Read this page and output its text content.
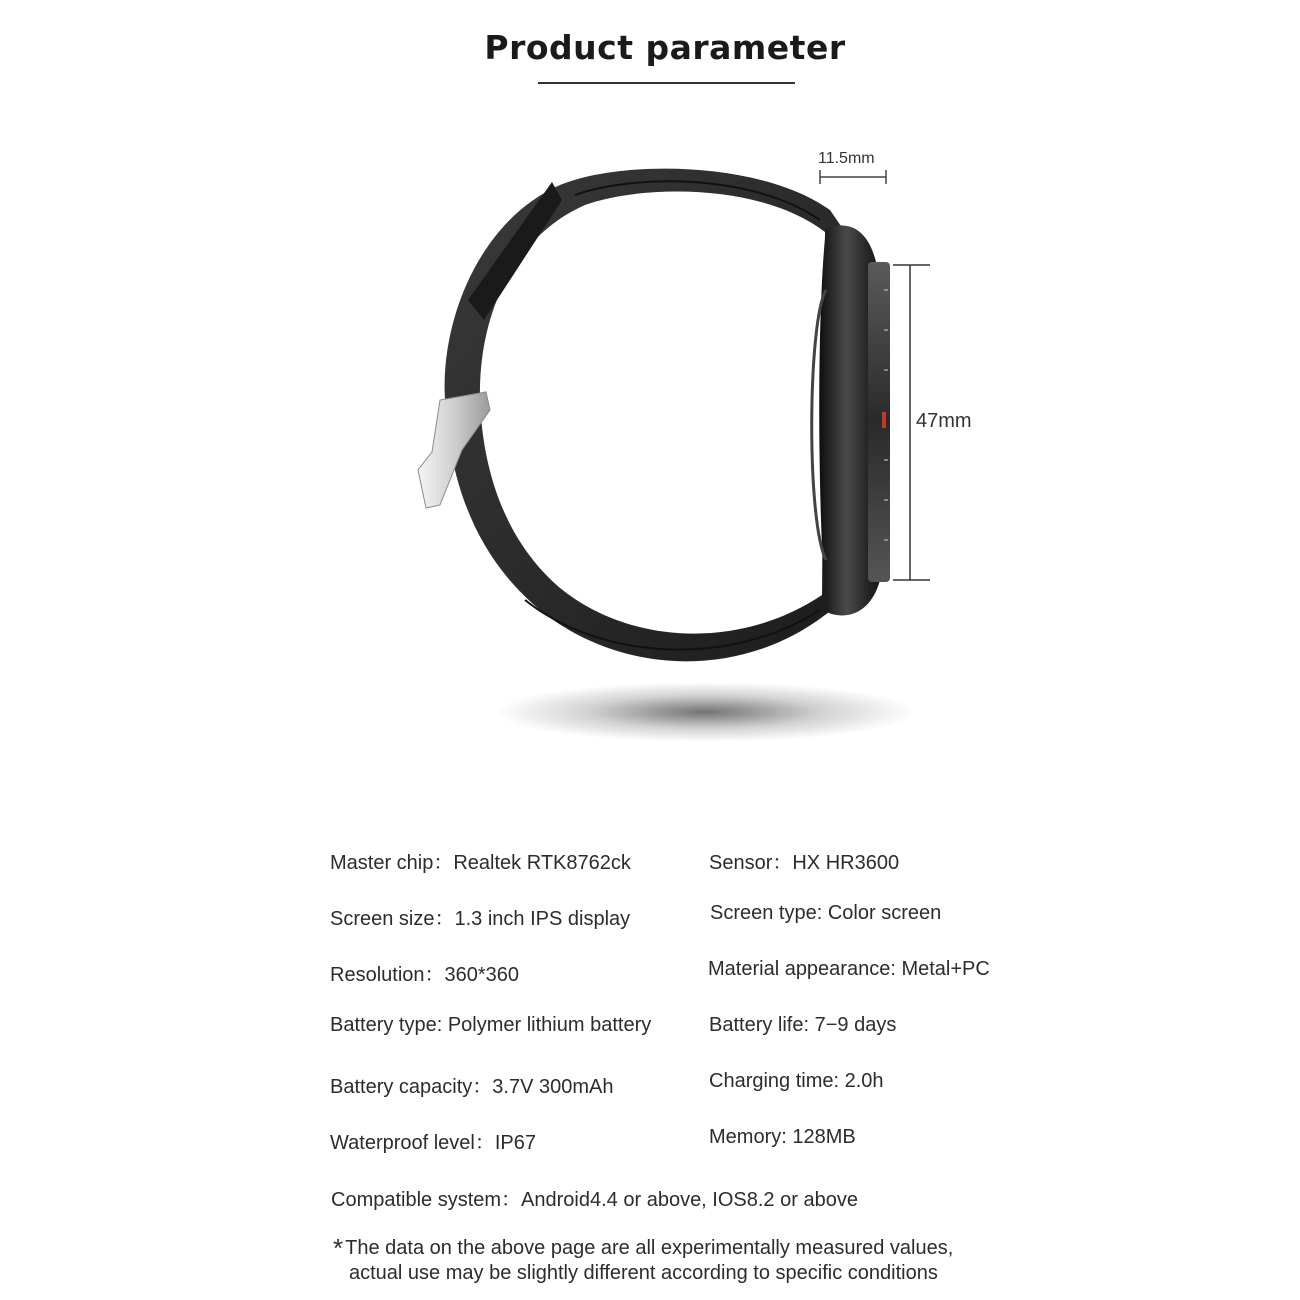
Product parameter
11.5mm
47mm
Master chip：Realtek RTK8762ck	Sensor：HX HR3600
Screen size：1.3 inch IPS display	Screen type: Color screen
Resolution：360*360	Material appearance: Metal+PC
Battery type: Polymer lithium battery	Battery life: 7−9 days
Battery capacity：3.7V 300mAh	Charging time: 2.0h
Waterproof level：IP67	Memory: 128MB
Compatible system：Android4.4 or above, IOS8.2 or above
* The data on the above page are all experimentally measured values,
actual use may be slightly different according to specific conditions
